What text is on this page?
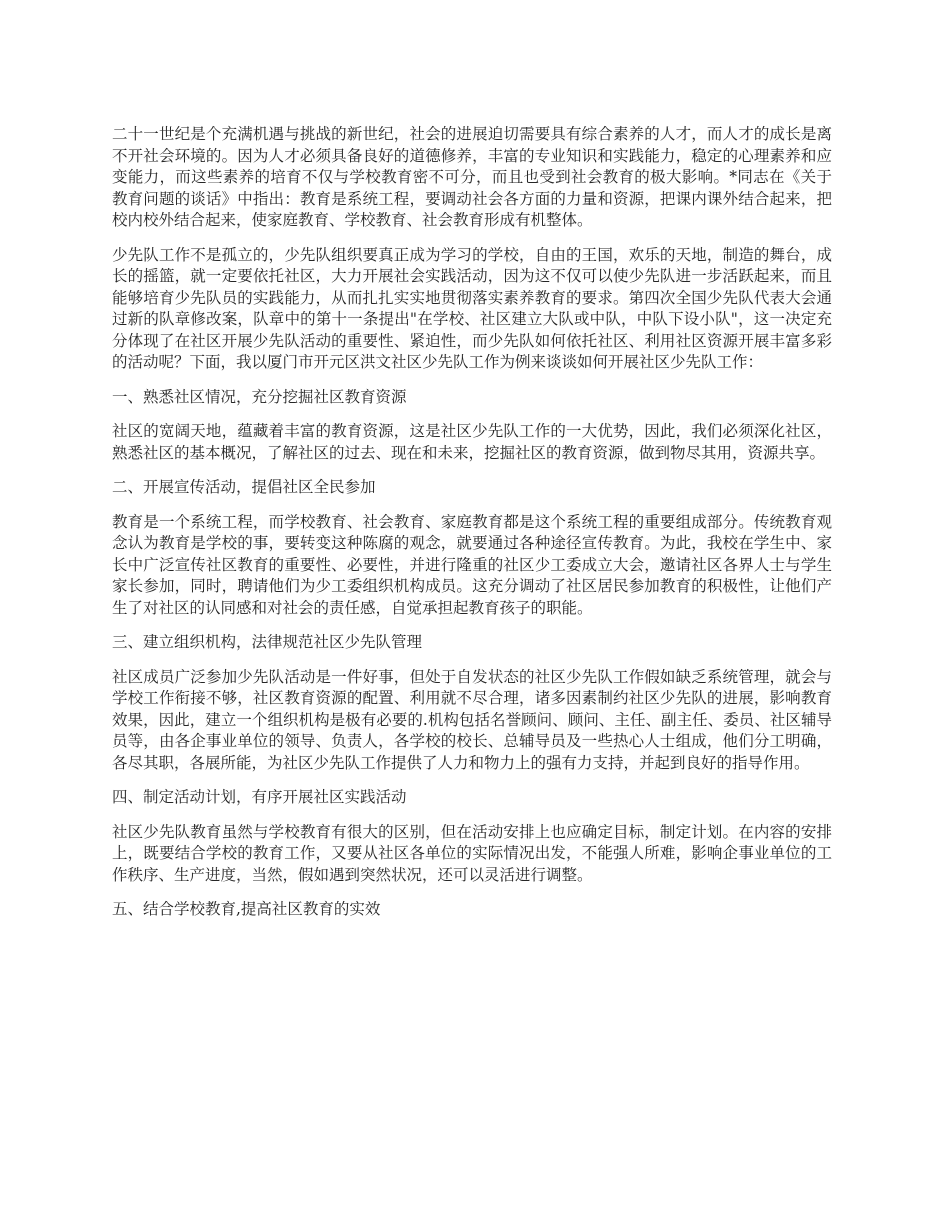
二十一世纪是个充满机遇与挑战的新世纪，社会的进展迫切需要具有综合素养的人才，而人才的成长是离不开社会环境的。因为人才必须具备良好的道德修养，丰富的专业知识和实践能力，稳定的心理素养和应变能力，而这些素养的培育不仅与学校教育密不可分，而且也受到社会教育的极大影响。*同志在《关于教育问题的谈话》中指出：教育是系统工程，要调动社会各方面的力量和资源，把课内课外结合起来，把校内校外结合起来，使家庭教育、学校教育、社会教育形成有机整体。

少先队工作不是孤立的，少先队组织要真正成为学习的学校，自由的王国，欢乐的天地，制造的舞台，成长的摇篮，就一定要依托社区，大力开展社会实践活动，因为这不仅可以使少先队进一步活跃起来，而且能够培育少先队员的实践能力，从而扎扎实实地贯彻落实素养教育的要求。第四次全国少先队代表大会通过新的队章修改案，队章中的第十一条提出"在学校、社区建立大队或中队，中队下设小队"，这一决定充分体现了在社区开展少先队活动的重要性、紧迫性，而少先队如何依托社区、利用社区资源开展丰富多彩的活动呢？下面，我以厦门市开元区洪文社区少先队工作为例来谈谈如何开展社区少先队工作：

一、熟悉社区情况，充分挖掘社区教育资源

社区的宽阔天地，蕴藏着丰富的教育资源，这是社区少先队工作的一大优势，因此，我们必须深化社区，熟悉社区的基本概况，了解社区的过去、现在和未来，挖掘社区的教育资源，做到物尽其用，资源共享。

二、开展宣传活动，提倡社区全民参加

教育是一个系统工程，而学校教育、社会教育、家庭教育都是这个系统工程的重要组成部分。传统教育观念认为教育是学校的事，要转变这种陈腐的观念，就要通过各种途径宣传教育。为此，我校在学生中、家长中广泛宣传社区教育的重要性、必要性，并进行隆重的社区少工委成立大会，邀请社区各界人士与学生家长参加，同时，聘请他们为少工委组织机构成员。这充分调动了社区居民参加教育的积极性，让他们产生了对社区的认同感和对社会的责任感，自觉承担起教育孩子的职能。

三、建立组织机构，法律规范社区少先队管理

社区成员广泛参加少先队活动是一件好事，但处于自发状态的社区少先队工作假如缺乏系统管理，就会与学校工作衔接不够，社区教育资源的配置、利用就不尽合理，诸多因素制约社区少先队的进展，影响教育效果，因此，建立一个组织机构是极有必要的.机构包括名誉顾问、顾问、主任、副主任、委员、社区辅导员等，由各企事业单位的领导、负责人，各学校的校长、总辅导员及一些热心人士组成，他们分工明确，各尽其职，各展所能，为社区少先队工作提供了人力和物力上的强有力支持，并起到良好的指导作用。

四、制定活动计划，有序开展社区实践活动

社区少先队教育虽然与学校教育有很大的区别，但在活动安排上也应确定目标，制定计划。在内容的安排上，既要结合学校的教育工作，又要从社区各单位的实际情况出发，不能强人所难，影响企事业单位的工作秩序、生产进度，当然，假如遇到突然状况，还可以灵活进行调整。

五、结合学校教育,提高社区教育的实效
